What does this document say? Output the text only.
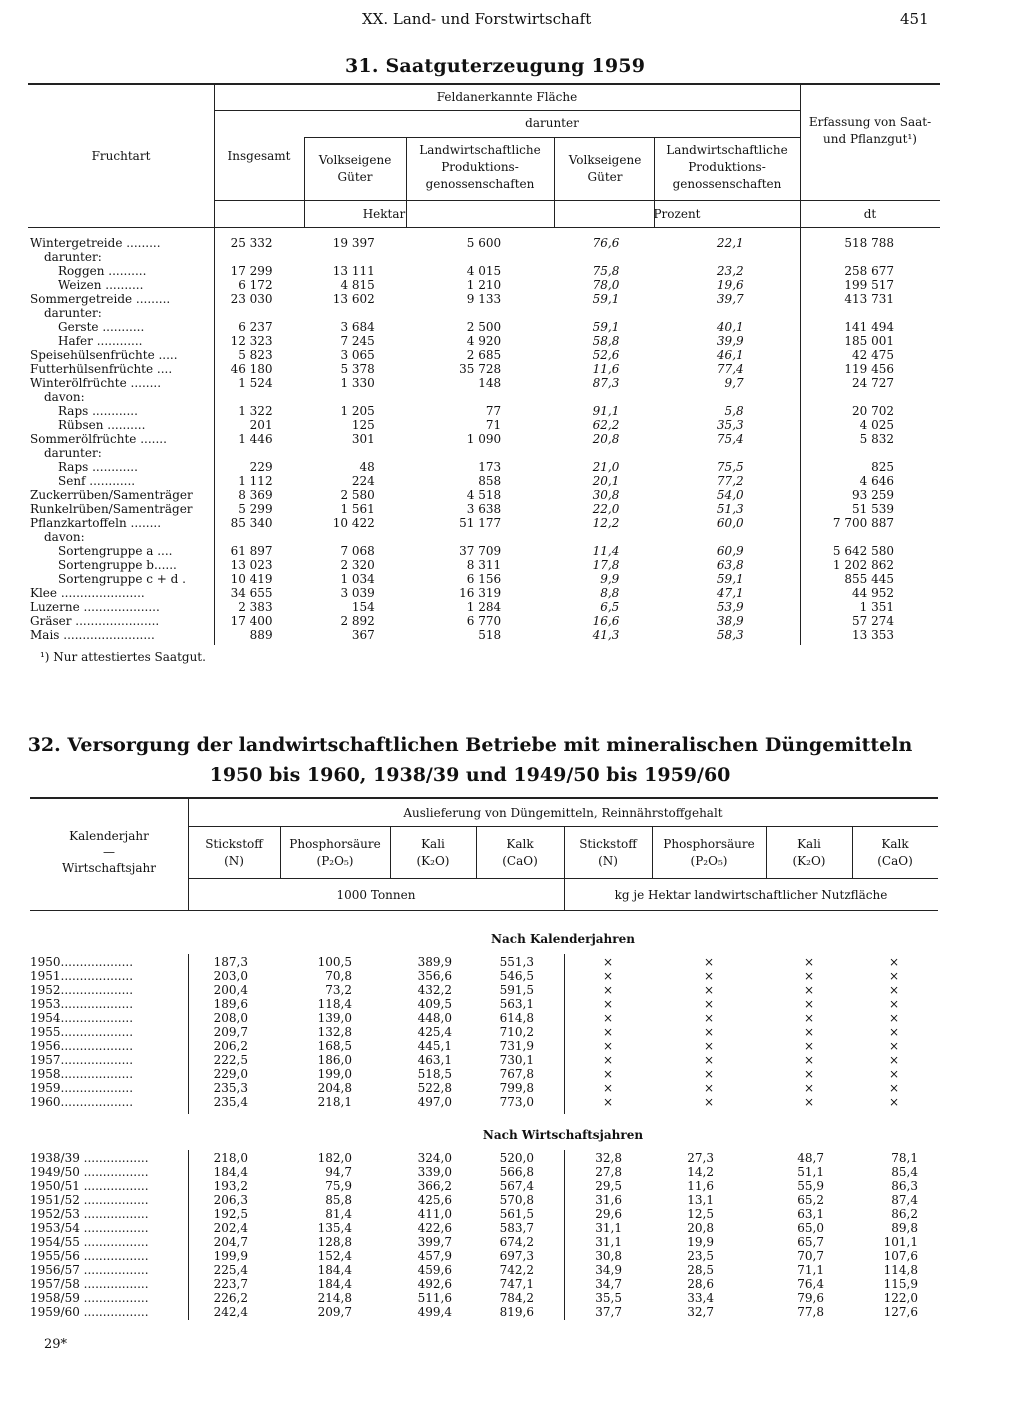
XX. Land- und Forstwirtschaft	451
31. Saatguterzeugung 1959
Fruchtart
Feldanerkannte Fläche
darunter
Insgesamt	Volkseigene Güter
Landwirtschaftliche Produktions-genossenschaften
Volkseigene Güter
Landwirtschaftliche Produktions-genossenschaften
Erfassung von Saat- und Pflanzgut¹)
Hektar	Prozent	dt
Wintergetreide .........	25 332	19 397	5 600	76,6	22,1	518 788
darunter:						
Roggen ..........	17 299	13 111	4 015	75,8	23,2	258 677
Weizen ..........	6 172	4 815	1 210	78,0	19,6	199 517
Sommergetreide .........	23 030	13 602	9 133	59,1	39,7	413 731
darunter:						
Gerste ...........	6 237	3 684	2 500	59,1	40,1	141 494
Hafer ............	12 323	7 245	4 920	58,8	39,9	185 001
Speisehülsenfrüchte .....	5 823	3 065	2 685	52,6	46,1	42 475
Futterhülsenfrüchte ....	46 180	5 378	35 728	11,6	77,4	119 456
Winterölfrüchte ........	1 524	1 330	148	87,3	9,7	24 727
davon:						
Raps ............	1 322	1 205	77	91,1	5,8	20 702
Rübsen ..........	201	125	71	62,2	35,3	4 025
Sommerölfrüchte .......	1 446	301	1 090	20,8	75,4	5 832
darunter:						
Raps ............	229	48	173	21,0	75,5	825
Senf ............	1 112	224	858	20,1	77,2	4 646
Zuckerrüben/Samenträger	8 369	2 580	4 518	30,8	54,0	93 259
Runkelrüben/Samenträger	5 299	1 561	3 638	22,0	51,3	51 539
Pflanzkartoffeln ........	85 340	10 422	51 177	12,2	60,0	7 700 887
davon:						
Sortengruppe a ....	61 897	7 068	37 709	11,4	60,9	5 642 580
Sortengruppe b......	13 023	2 320	8 311	17,8	63,8	1 202 862
Sortengruppe c + d .	10 419	1 034	6 156	9,9	59,1	855 445
Klee ......................	34 655	3 039	16 319	8,8	47,1	44 952
Luzerne ....................	2 383	154	1 284	6,5	53,9	1 351
Gräser ......................	17 400	2 892	6 770	16,6	38,9	57 274
Mais ........................	889	367	518	41,3	58,3	13 353
¹) Nur attestiertes Saatgut.
32. Versorgung der landwirtschaftlichen Betriebe mit mineralischen Düngemitteln
1950 bis 1960, 1938/39 und 1949/50 bis 1959/60
Kalenderjahr
—
Wirtschaftsjahr
Auslieferung von Düngemitteln, Reinnährstoffgehalt
Stickstoff
(N)
Phosphorsäure
(P₂O₅)
Kali
(K₂O)
Kalk
(CaO)
Stickstoff
(N)
Phosphorsäure
(P₂O₅)
Kali
(K₂O)
Kalk
(CaO)
1000 Tonnen	kg je Hektar landwirtschaftlicher Nutzfläche
Nach Kalenderjahren
1950...................	187,3	100,5	389,9	551,3	×	×	×	×
1951...................	203,0	70,8	356,6	546,5	×	×	×	×
1952...................	200,4	73,2	432,2	591,5	×	×	×	×
1953...................	189,6	118,4	409,5	563,1	×	×	×	×
1954...................	208,0	139,0	448,0	614,8	×	×	×	×
1955...................	209,7	132,8	425,4	710,2	×	×	×	×
1956...................	206,2	168,5	445,1	731,9	×	×	×	×
1957...................	222,5	186,0	463,1	730,1	×	×	×	×
1958...................	229,0	199,0	518,5	767,8	×	×	×	×
1959...................	235,3	204,8	522,8	799,8	×	×	×	×
1960...................	235,4	218,1	497,0	773,0	×	×	×	×
Nach Wirtschaftsjahren
1938/39 .................	218,0	182,0	324,0	520,0	32,8	27,3	48,7	78,1
1949/50 .................	184,4	94,7	339,0	566,8	27,8	14,2	51,1	85,4
1950/51 .................	193,2	75,9	366,2	567,4	29,5	11,6	55,9	86,3
1951/52 .................	206,3	85,8	425,6	570,8	31,6	13,1	65,2	87,4
1952/53 .................	192,5	81,4	411,0	561,5	29,6	12,5	63,1	86,2
1953/54 .................	202,4	135,4	422,6	583,7	31,1	20,8	65,0	89,8
1954/55 .................	204,7	128,8	399,7	674,2	31,1	19,9	65,7	101,1
1955/56 .................	199,9	152,4	457,9	697,3	30,8	23,5	70,7	107,6
1956/57 .................	225,4	184,4	459,6	742,2	34,9	28,5	71,1	114,8
1957/58 .................	223,7	184,4	492,6	747,1	34,7	28,6	76,4	115,9
1958/59 .................	226,2	214,8	511,6	784,2	35,5	33,4	79,6	122,0
1959/60 .................	242,4	209,7	499,4	819,6	37,7	32,7	77,8	127,6
29*
